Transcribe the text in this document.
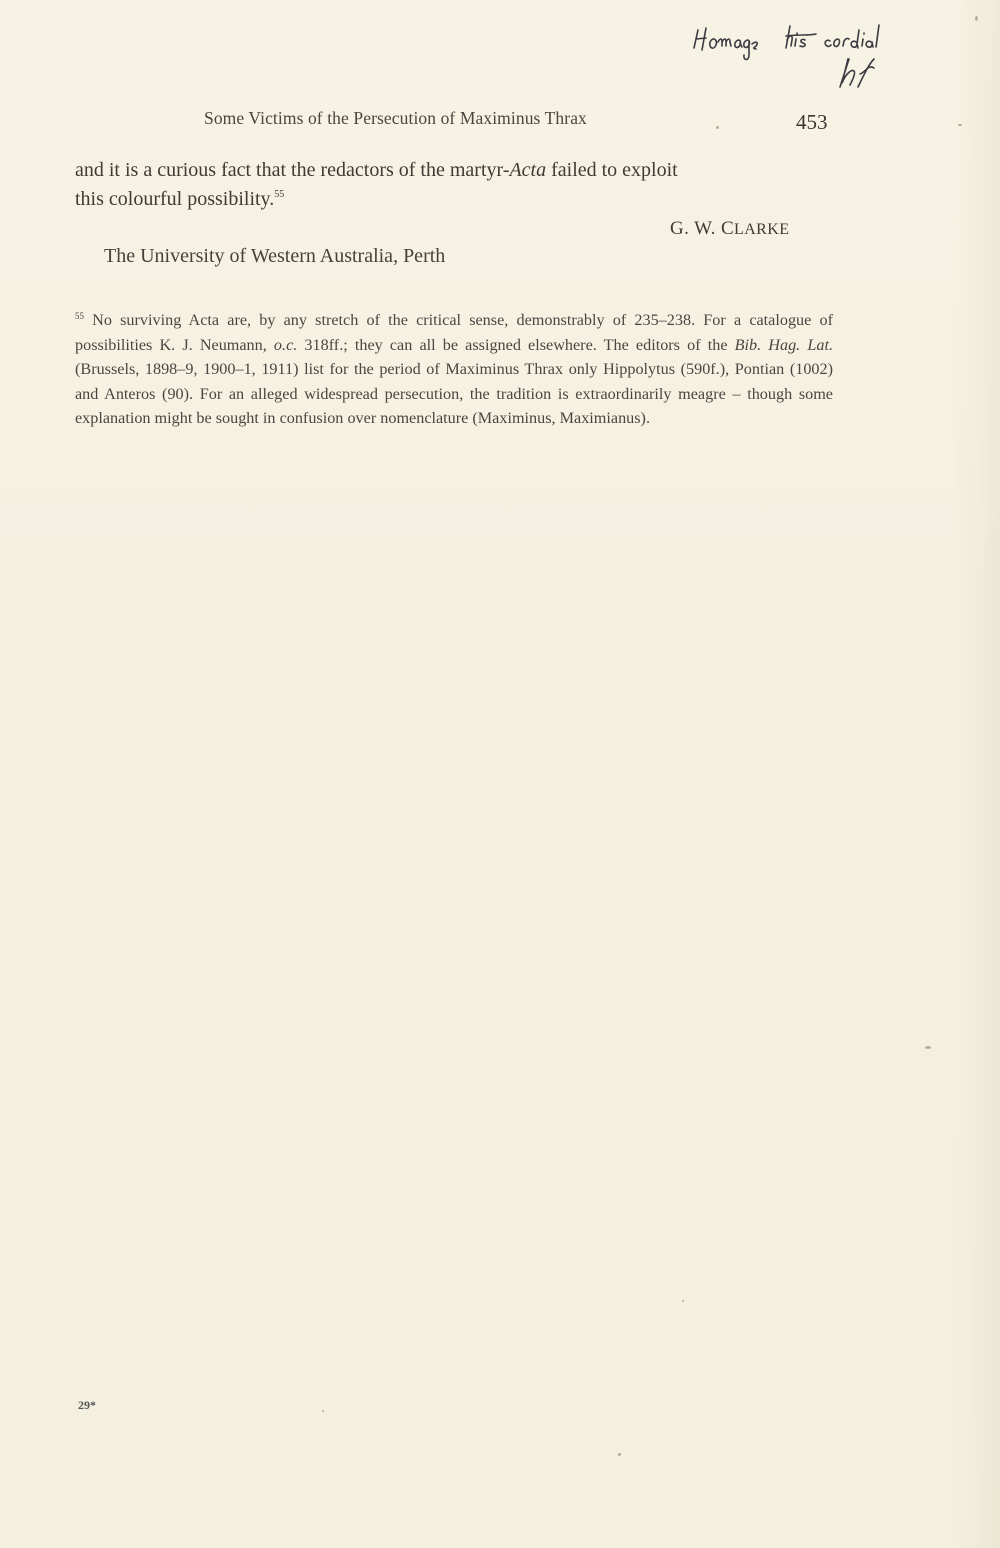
Some Victims of the Persecution of Maximinus Thrax	453
and it is a curious fact that the redactors of the martyr-Acta failed to exploit
this colourful possibility.$^{55}$
G. W. CLARKE
The University of Western Australia, Perth
$^{55}$ No surviving Acta are, by any stretch of the critical sense, demonstrably of 235–238. For a catalogue of possibilities K. J. Neumann, o.c. 318ff.; they can all be assigned elsewhere. The editors of the Bib. Hag. Lat. (Brussels, 1898–9, 1900–1, 1911) list for the period of Maximinus Thrax only Hippolytus (590f.), Pontian (1002) and Anteros (90). For an alleged widespread persecution, the tradition is extraordinarily meagre – though some explanation might be sought in confusion over nomenclature (Maximinus, Maximianus).
29*
